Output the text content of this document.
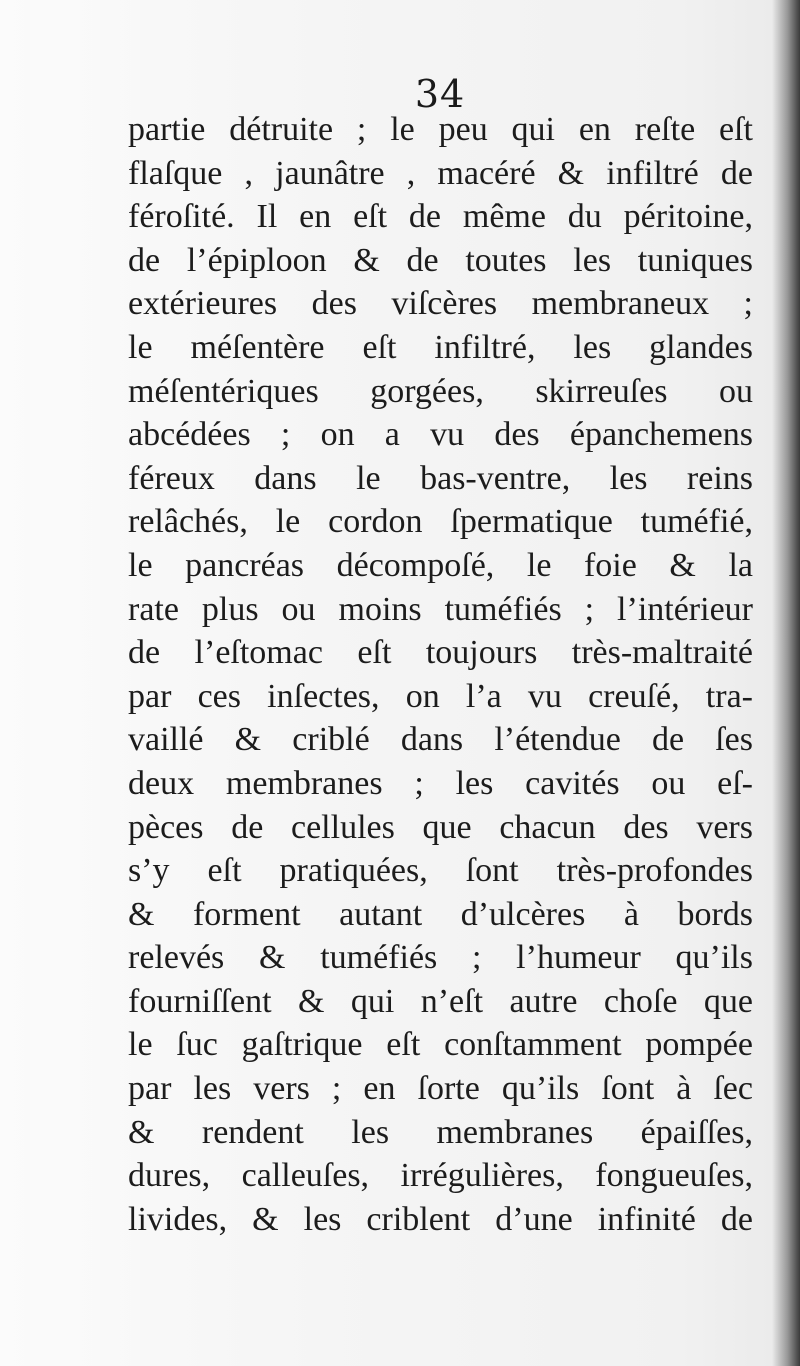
34
partie détruite ; le peu qui en reſte eſt
flaſque , jaunâtre , macéré & infiltré de
féroſité. Il en eſt de même du péritoine,
de l’épiploon & de toutes les tuniques
extérieures des viſcères membraneux ;
le méſentère eſt infiltré, les glandes
méſentériques gorgées, skirreuſes ou
abcédées ; on a vu des épanchemens
féreux dans le bas-ventre, les reins
relâchés, le cordon ſpermatique tuméfié,
le pancréas décompoſé, le foie & la
rate plus ou moins tuméfiés ; l’intérieur
de l’eſtomac eſt toujours très-maltraité
par ces inſectes, on l’a vu creuſé, tra-
vaillé & criblé dans l’étendue de ſes
deux membranes ; les cavités ou eſ-
pèces de cellules que chacun des vers
s’y eſt pratiquées, ſont très-profondes
& forment autant d’ulcères à bords
relevés & tuméfiés ; l’humeur qu’ils
fourniſſent & qui n’eſt autre choſe que
le ſuc gaſtrique eſt conſtamment pompée
par les vers ; en ſorte qu’ils ſont à ſec
& rendent les membranes épaiſſes,
dures, calleuſes, irrégulières, fongueuſes,
livides, & les criblent d’une infinité de
